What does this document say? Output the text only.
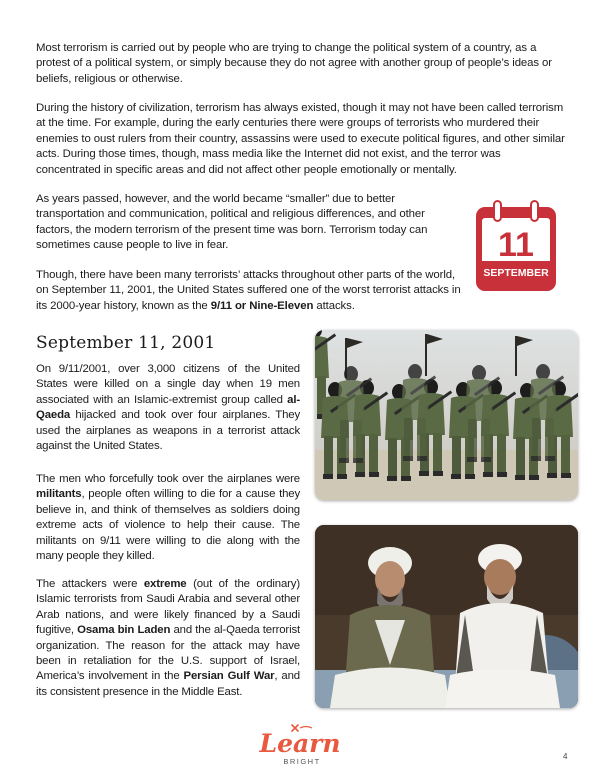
Most terrorism is carried out by people who are trying to change the political system of a country, as a protest of a political system, or simply because they do not agree with another group of people’s ideas or beliefs, religious or otherwise.

During the history of civilization, terrorism has always existed, though it may not have been called terrorism at the time. For example, during the early centuries there were groups of terrorists who murdered their enemies to oust rulers from their country, assassins were used to execute political figures, and other similar acts. During those times, though, mass media like the Internet did not exist, and the terror was concentrated in specific areas and did not affect other people emotionally or mentally.

As years passed, however, and the world became “smaller” due to better transportation and communication, political and religious differences, and other factors, the modern terrorism of the present time was born. Terrorism today can sometimes cause people to live in fear.

Though, there have been many terrorists’ attacks throughout other parts of the world, on September 11, 2001, the United States suffered one of the worst terrorist attacks in its 2000-year history, known as the 9/11 or Nine-Eleven attacks.

11
SEPTEMBER
September 11, 2001

On 9/11/2001, over 3,000 citizens of the United States were killed on a single day when 19 men associated with an Islamic-extremist group called al-Qaeda hijacked and took over four airplanes. They used the airplanes as weapons in a terrorist attack against the United States.

The men who forcefully took over the airplanes were militants, people often willing to die for a cause they believe in, and think of themselves as soldiers doing extreme acts of violence to help their cause. The militants on 9/11 were willing to die along with the many people they killed.

The attackers were extreme (out of the ordinary) Islamic terrorists from Saudi Arabia and several other Arab nations, and were likely financed by a Saudi fugitive, Osama bin Laden and the al-Qaeda terrorist organization. The reason for the attack may have been in retaliation for the U.S. support of Israel, America’s involvement in the Persian Gulf War, and its consistent presence in the Middle East.

Learn
BRIGHT
4
